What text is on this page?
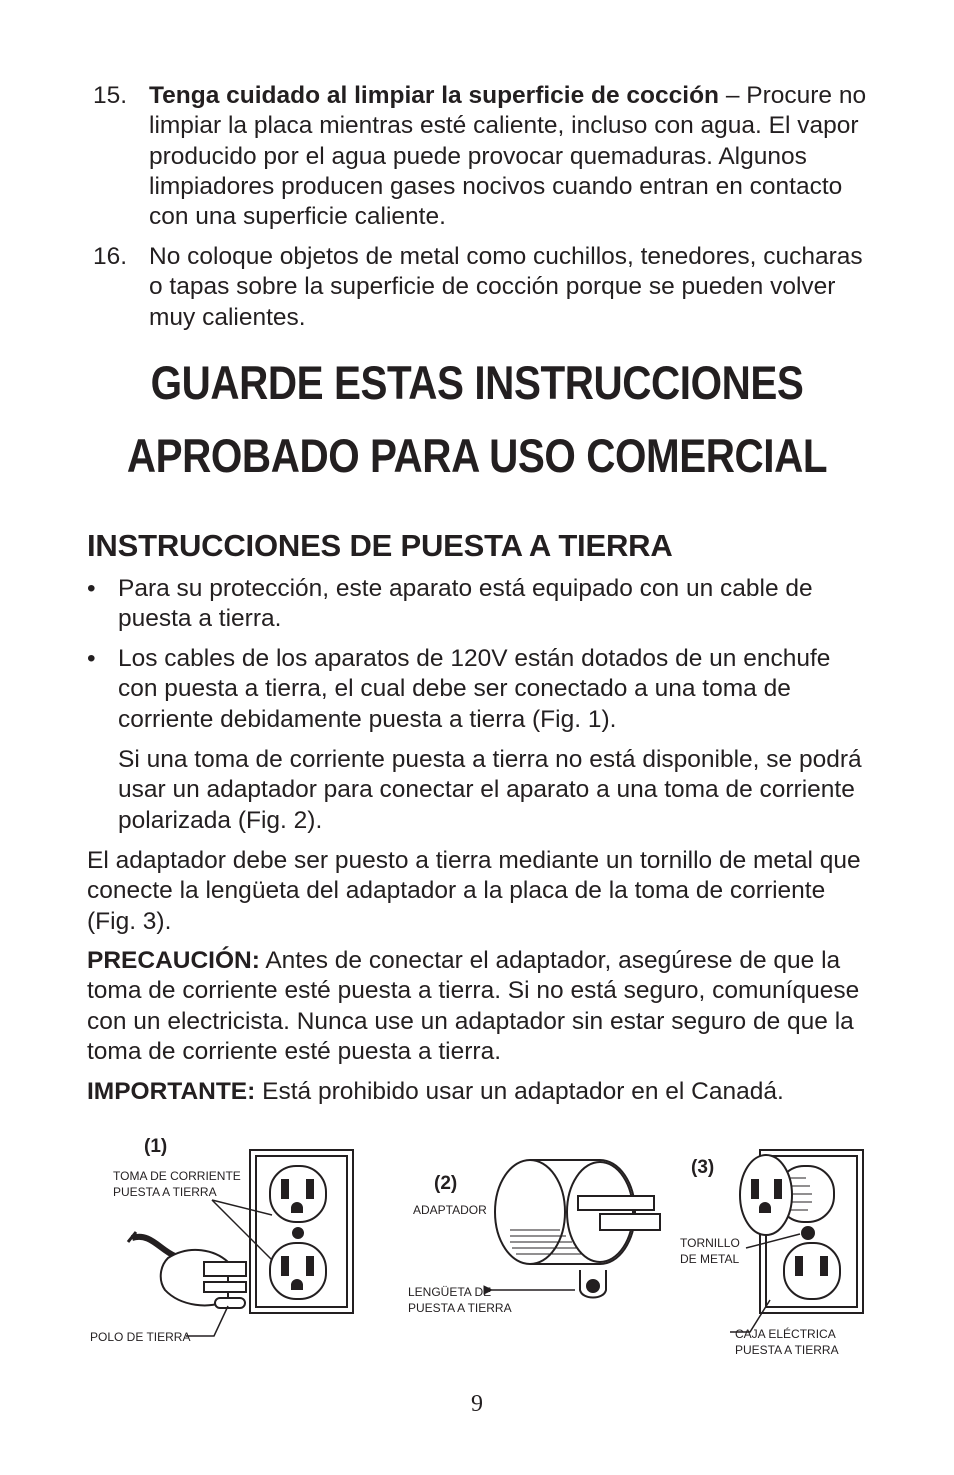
15. Tenga cuidado al limpiar la superficie de cocción – Procure no limpiar la placa mientras esté caliente, incluso con agua. El vapor producido por el agua puede provocar quemaduras. Algunos limpiadores producen gases nocivos cuando entran en contacto con una superficie caliente.
16. No coloque objetos de metal como cuchillos, tenedores, cucharas o tapas sobre la superficie de cocción porque se pueden volver muy calientes.
GUARDE ESTAS INSTRUCCIONES
APROBADO PARA USO COMERCIAL
INSTRUCCIONES DE PUESTA A TIERRA
• Para su protección, este aparato está equipado con un cable de puesta a tierra.
• Los cables de los aparatos de 120V están dotados de un enchufe con puesta a tierra, el cual debe ser conectado a una toma de corriente debidamente puesta a tierra (Fig. 1).
Si una toma de corriente puesta a tierra no está disponible, se podrá usar un adaptador para conectar el aparato a una toma de corriente polarizada (Fig. 2).
El adaptador debe ser puesto a tierra mediante un tornillo de metal que conecte la lengüeta del adaptador a la placa de la toma de corriente (Fig. 3).
PRECAUCIÓN: Antes de conectar el adaptador, asegúrese de que la toma de corriente esté puesta a tierra. Si no está seguro, comuníquese con un electricista. Nunca use un adaptador sin estar seguro de que la toma de corriente esté puesta a tierra.
IMPORTANTE: Está prohibido usar un adaptador en el Canadá.
(1)
TOMA DE CORRIENTE
PUESTA A TIERRA
POLO DE TIERRA
(2)
ADAPTADOR
LENGÜETA DE
PUESTA A TIERRA
(3)
TORNILLO
DE METAL
CAJA ELÉCTRICA
PUESTA A TIERRA
9
